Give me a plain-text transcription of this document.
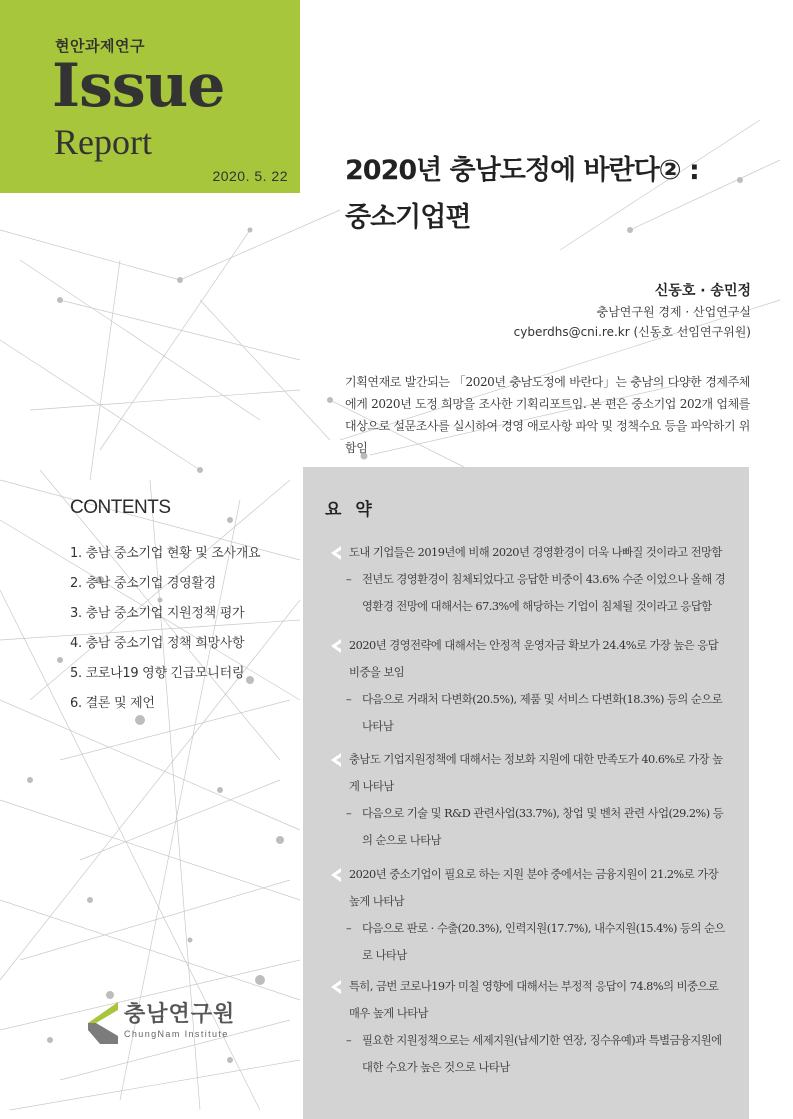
현안과제연구
Issue
Report
2020. 5. 22 2020년 충남도정에 바란다② :
중소기업편
신동호 · 송민정
충남연구원 경제 · 산업연구실
cyberdhs@cni.re.kr (신동호 선임연구위원)
기획연재로 발간되는 「2020년 충남도정에 바란다」는 충남의 다양한 경제주체에게 2020년 도정 희망을 조사한 기획리포트임. 본 편은 중소기업 202개 업체를 대상으로 설문조사를 실시하여 경영 애로사항 파악 및 정책수요 등을 파악하기 위함임
CONTENTS
1. 충남 중소기업 현황 및 조사개요
2. 충남 중소기업 경영활경
3. 충남 중소기업 지원정책 평가
4. 충남 중소기업 정책 희망사항
5. 코로나19 영향 긴급모니터링
6. 결론 및 제언
충남연구원
ChungNam Institute
요 약
도내 기업들은 2019년에 비해 2020년 경영환경이 더욱 나빠질 것이라고 전망함
– 전년도 경영환경이 침체되었다고 응답한 비중이 43.6% 수준 이었으나 올해 경영환경 전망에 대해서는 67.3%에 해당하는 기업이 침체될 것이라고 응답함
2020년 경영전략에 대해서는 안정적 운영자금 확보가 24.4%로 가장 높은 응답 비중을 보임
– 다음으로 거래처 다변화(20.5%), 제품 및 서비스 다변화(18.3%) 등의 순으로 나타남
충남도 기업지원정책에 대해서는 정보화 지원에 대한 만족도가 40.6%로 가장 높게 나타남
– 다음으로 기술 및 R&D 관련사업(33.7%), 창업 및 벤처 관련 사업(29.2%) 등의 순으로 나타남
2020년 중소기업이 필요로 하는 지원 분야 중에서는 금융지원이 21.2%로 가장 높게 나타남
– 다음으로 판로 · 수출(20.3%), 인력지원(17.7%), 내수지원(15.4%) 등의 순으로 나타남
특히, 금번 코로나19가 미칠 영향에 대해서는 부정적 응답이 74.8%의 비중으로 매우 높게 나타남
– 필요한 지원정책으로는 세제지원(납세기한 연장, 징수유예)과 특별금융지원에 대한 수요가 높은 것으로 나타남
